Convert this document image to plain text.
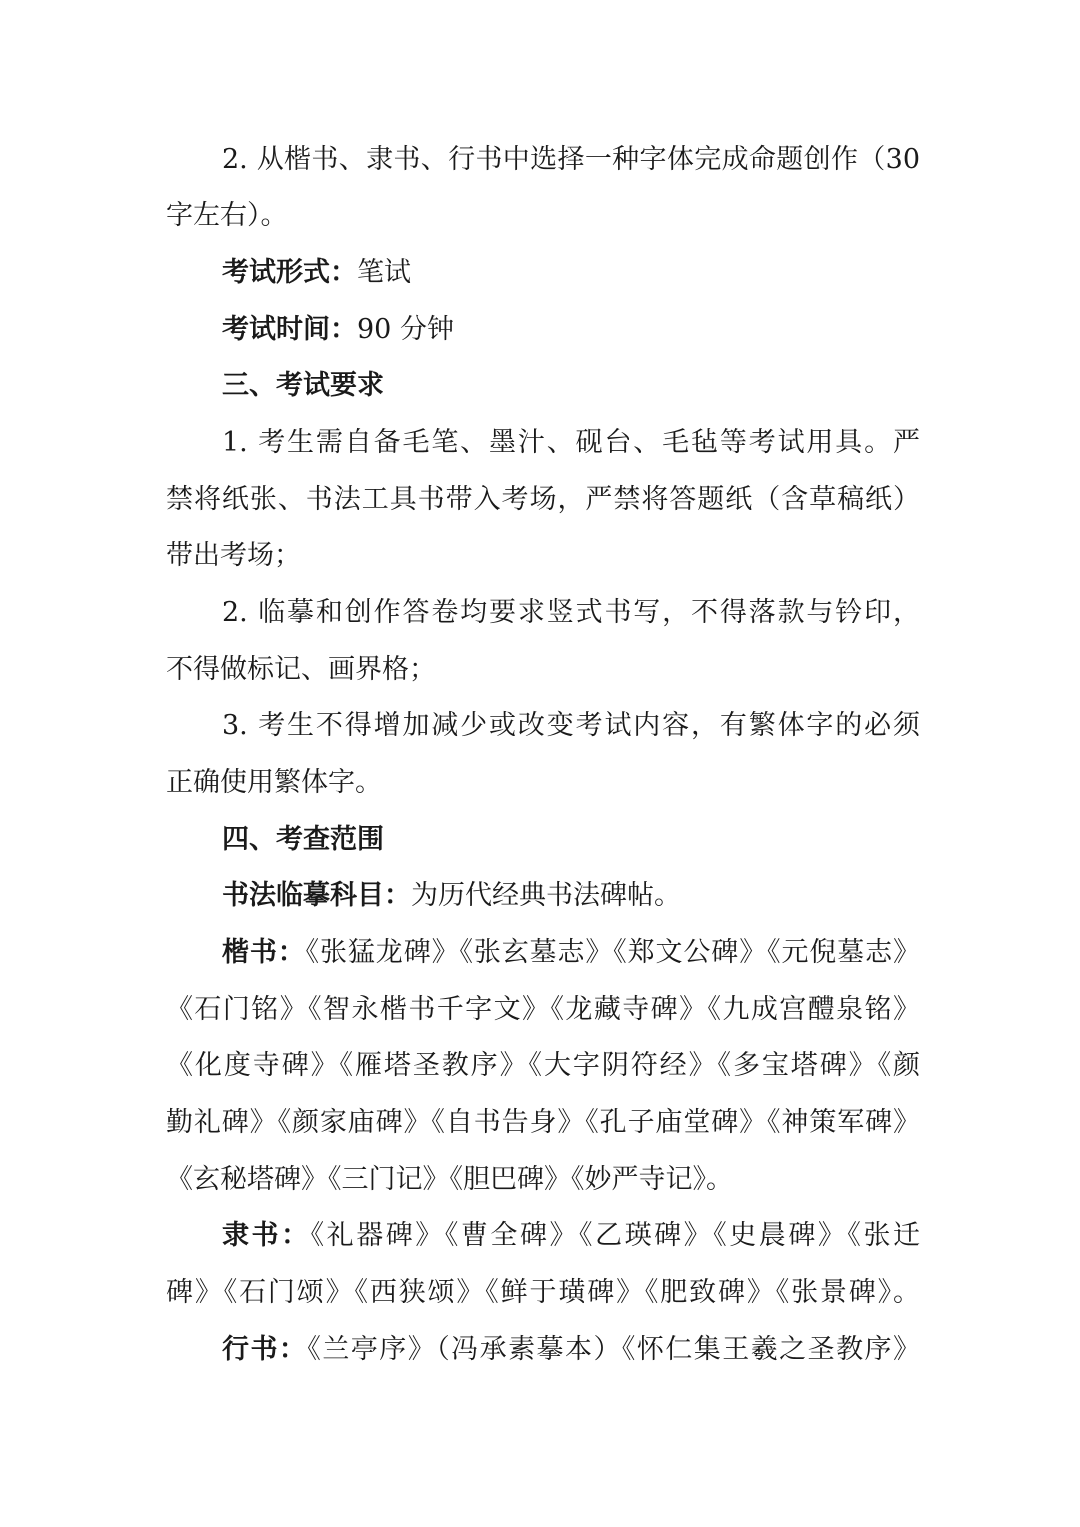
2. 从楷书、隶书、行书中选择一种字体完成命题创作（30
字左右）。
考试形式：笔试
考试时间：90 分钟
三、考试要求
1. 考生需自备毛笔、墨汁、砚台、毛毡等考试用具。严
禁将纸张、书法工具书带入考场，严禁将答题纸（含草稿纸）
带出考场；
2. 临摹和创作答卷均要求竖式书写，不得落款与钤印，
不得做标记、画界格；
3. 考生不得增加减少或改变考试内容，有繁体字的必须
正确使用繁体字。
四、考查范围
书法临摹科目：为历代经典书法碑帖。
楷书：《张猛龙碑》《张玄墓志》《郑文公碑》《元倪墓志》
《石门铭》《智永楷书千字文》《龙藏寺碑》《九成宫醴泉铭》
《化度寺碑》《雁塔圣教序》《大字阴符经》《多宝塔碑》《颜
勤礼碑》《颜家庙碑》《自书告身》《孔子庙堂碑》《神策军碑》
《玄秘塔碑》《三门记》《胆巴碑》《妙严寺记》。
隶书：《礼器碑》《曹全碑》《乙瑛碑》《史晨碑》《张迁
碑》《石门颂》《西狭颂》《鲜于璜碑》《肥致碑》《张景碑》。
行书：《兰亭序》（冯承素摹本）《怀仁集王羲之圣教序》
